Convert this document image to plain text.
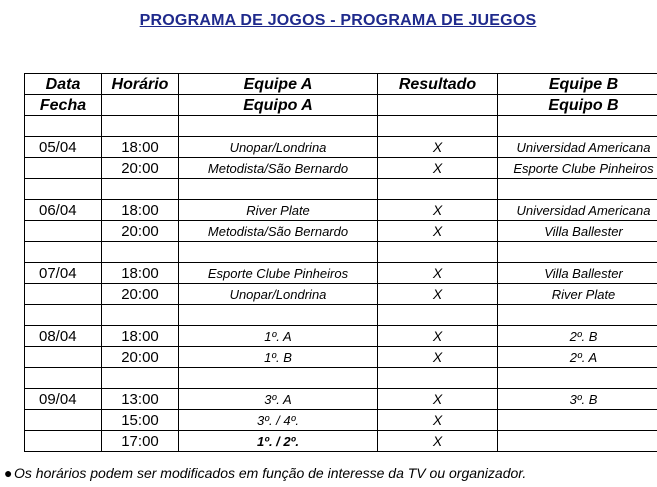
PROGRAMA DE JOGOS - PROGRAMA DE JUEGOS
Data	Horário	Equipe A	Resultado	Equipe B
Fecha		Equipo A		Equipo B

05/04	18:00	Unopar/Londrina	X	Universidad Americana
	20:00	Metodista/São Bernardo	X	Esporte Clube Pinheiros

06/04	18:00	River Plate	X	Universidad Americana
	20:00	Metodista/São Bernardo	X	Villa Ballester

07/04	18:00	Esporte Clube Pinheiros	X	Villa Ballester
	20:00	Unopar/Londrina	X	River Plate

08/04	18:00	1º. A	X	2º. B
	20:00	1º. B	X	2º. A

09/04	13:00	3º. A	X	3º. B
	15:00	3º. / 4º.	X	
	17:00	1º. / 2º.	X	
● Os horários podem ser modificados em função de interesse da TV ou organizador.
